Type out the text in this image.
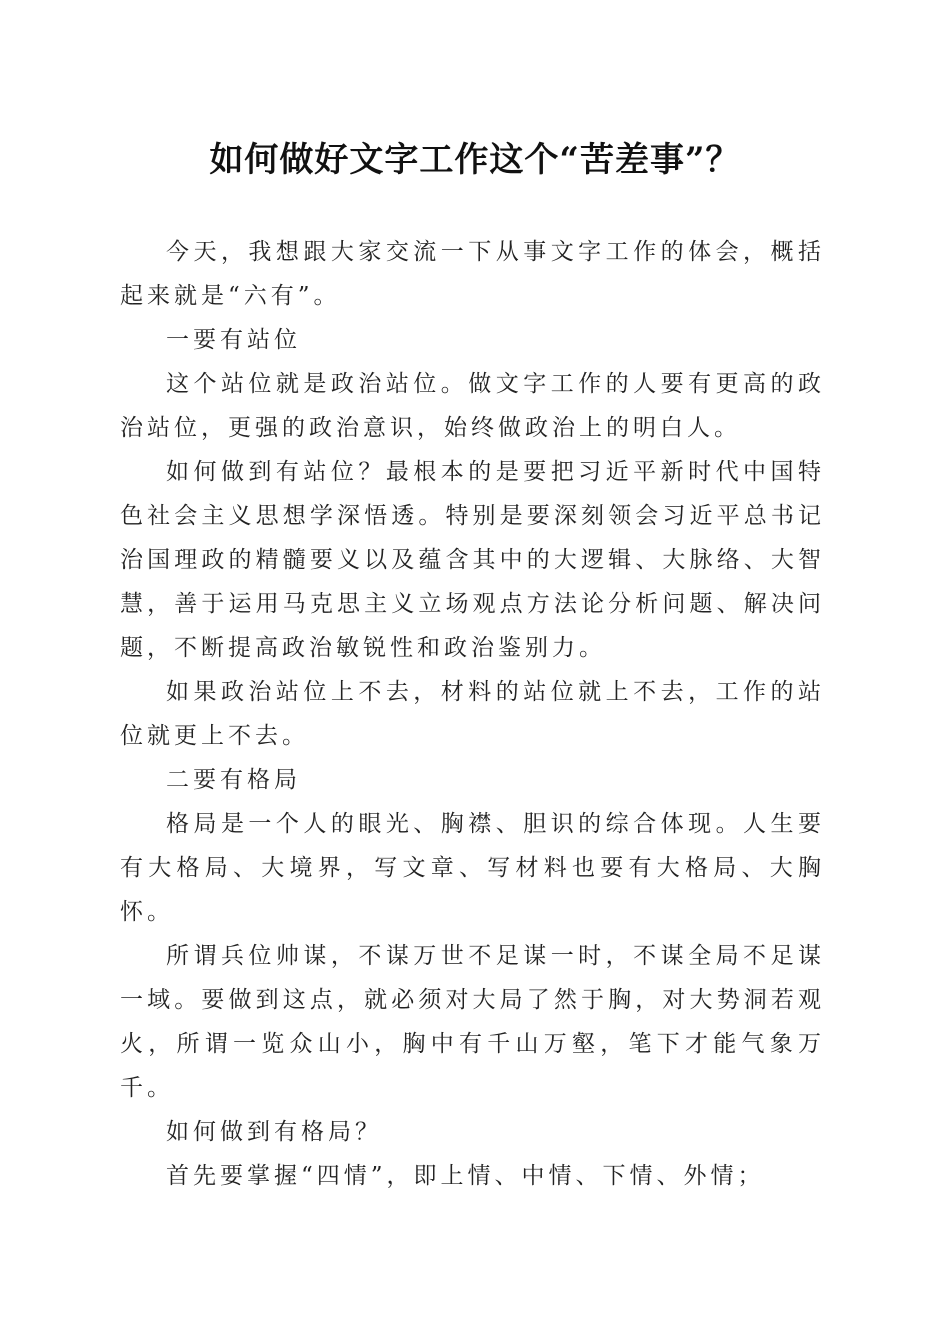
如何做好文字工作这个“苦差事”？

今天，我想跟大家交流一下从事文字工作的体会，概括起来就是“六有”。

一要有站位

这个站位就是政治站位。做文字工作的人要有更高的政治站位，更强的政治意识，始终做政治上的明白人。

如何做到有站位？最根本的是要把习近平新时代中国特色社会主义思想学深悟透。特别是要深刻领会习近平总书记治国理政的精髓要义以及蕴含其中的大逻辑、大脉络、大智慧，善于运用马克思主义立场观点方法论分析问题、解决问题，不断提高政治敏锐性和政治鉴别力。

如果政治站位上不去，材料的站位就上不去，工作的站位就更上不去。

二要有格局

格局是一个人的眼光、胸襟、胆识的综合体现。人生要有大格局、大境界，写文章、写材料也要有大格局、大胸怀。

所谓兵位帅谋，不谋万世不足谋一时，不谋全局不足谋一域。要做到这点，就必须对大局了然于胸，对大势洞若观火，所谓一览众山小，胸中有千山万壑，笔下才能气象万千。

如何做到有格局？

首先要掌握“四情”，即上情、中情、下情、外情；
